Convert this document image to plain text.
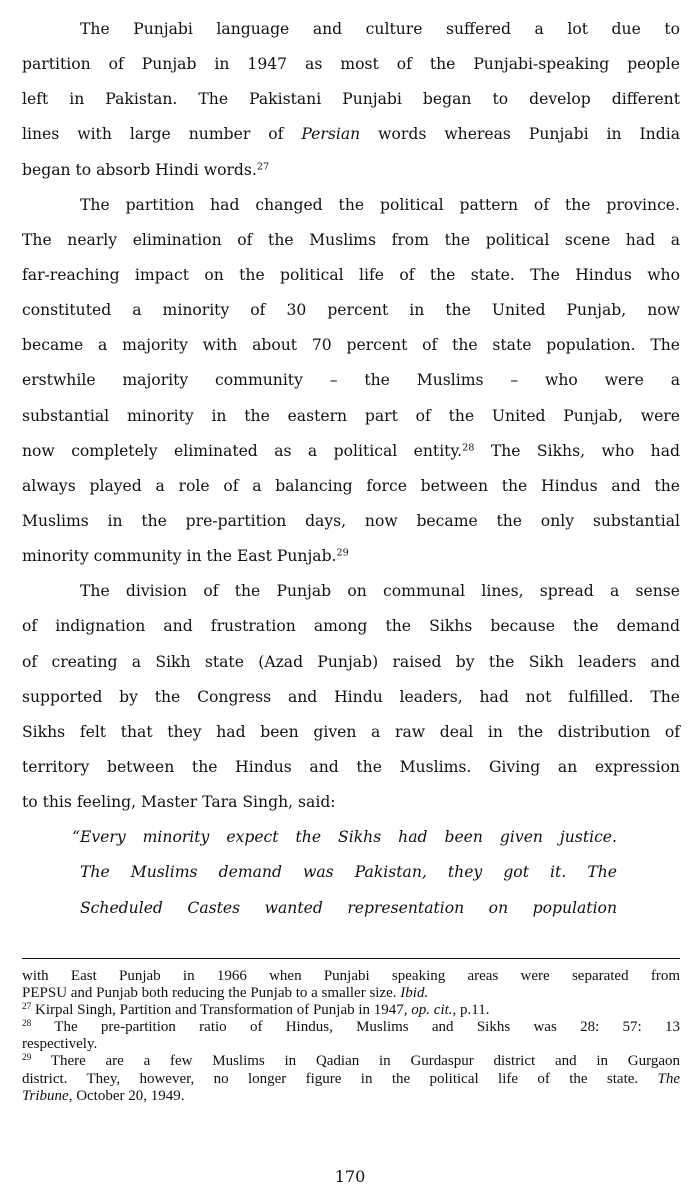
The Punjabi language and culture suffered a lot due to
partition of Punjab in 1947 as most of the Punjabi-speaking people
left in Pakistan. The Pakistani Punjabi began to develop different
lines with large number of Persian words whereas Punjabi in India
began to absorb Hindi words.$^{27}$
The partition had changed the political pattern of the province.
The nearly elimination of the Muslims from the political scene had a
far-reaching impact on the political life of the state. The Hindus who
constituted a minority of 30 percent in the United Punjab, now
became a majority with about 70 percent of the state population. The
erstwhile majority community – the Muslims – who were a
substantial minority in the eastern part of the United Punjab, were
now completely eliminated as a political entity.$^{28}$ The Sikhs, who had
always played a role of a balancing force between the Hindus and the
Muslims in the pre-partition days, now became the only substantial
minority community in the East Punjab.$^{29}$
The division of the Punjab on communal lines, spread a sense
of indignation and frustration among the Sikhs because the demand
of creating a Sikh state (Azad Punjab) raised by the Sikh leaders and
supported by the Congress and Hindu leaders, had not fulfilled. The
Sikhs felt that they had been given a raw deal in the distribution of
territory between the Hindus and the Muslims. Giving an expression
to this feeling, Master Tara Singh, said:
“Every minority expect the Sikhs had been given justice.
The Muslims demand was Pakistan, they got it. The
Scheduled Castes wanted representation on population
with East Punjab in 1966 when Punjabi speaking areas were separated from
PEPSU and Punjab both reducing the Punjab to a smaller size. Ibid.
$^{27}$ Kirpal Singh, Partition and Transformation of Punjab in 1947, op. cit., p.11.
$^{28}$ The pre-partition ratio of Hindus, Muslims and Sikhs was 28: 57: 13
respectively.
$^{29}$ There are a few Muslims in Qadian in Gurdaspur district and in Gurgaon
district. They, however, no longer figure in the political life of the state. The
Tribune, October 20, 1949.
170
